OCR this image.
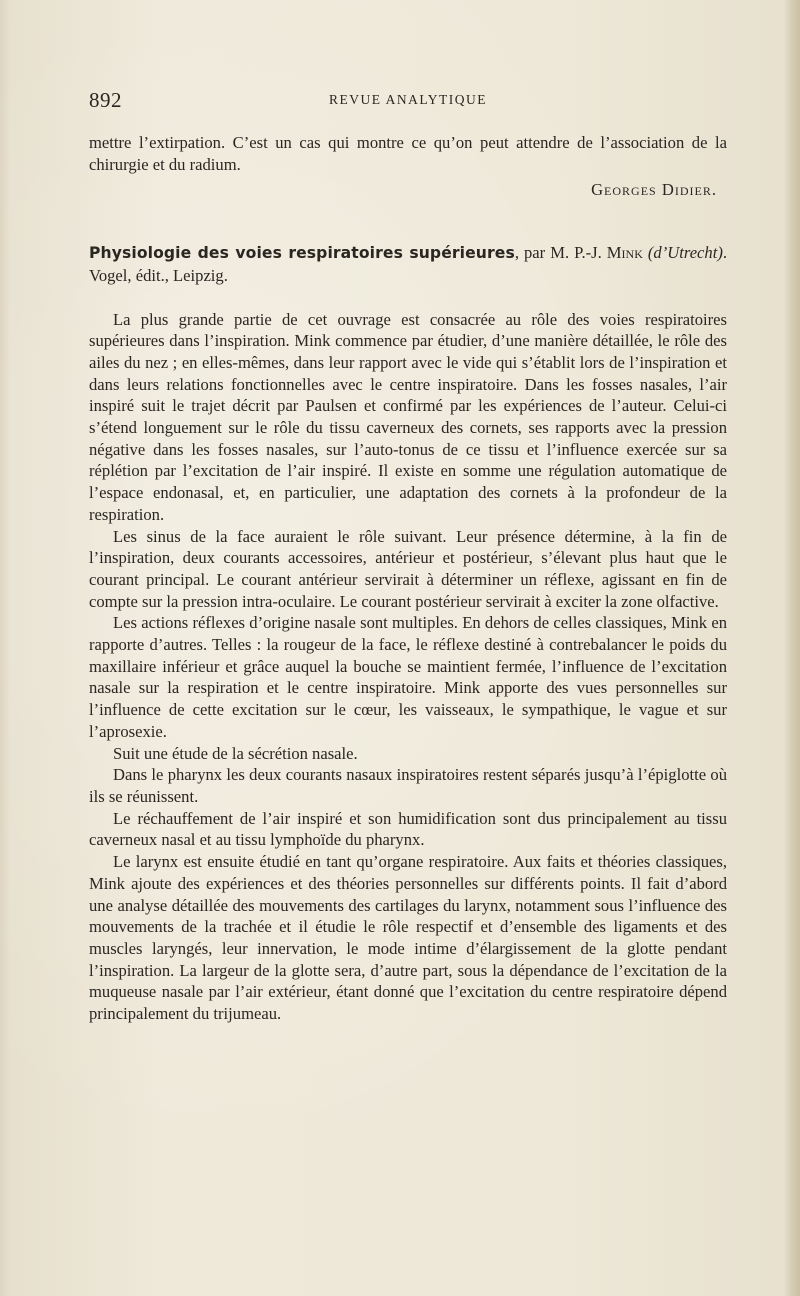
892	REVUE ANALYTIQUE

mettre l’extirpation. C’est un cas qui montre ce qu’on peut attendre de l’association de la chirurgie et du radium.

Georges Didier.

Physiologie des voies respiratoires supérieures, par M. P.-J. Mink (d’Utrecht). Vogel, édit., Leipzig.

La plus grande partie de cet ouvrage est consacrée au rôle des voies respiratoires supérieures dans l’inspiration. Mink commence par étudier, d’une manière détaillée, le rôle des ailes du nez ; en elles-mêmes, dans leur rapport avec le vide qui s’établit lors de l’inspiration et dans leurs relations fonctionnelles avec le centre inspiratoire. Dans les fosses nasales, l’air inspiré suit le trajet décrit par Paulsen et confirmé par les expériences de l’auteur. Celui-ci s’étend longuement sur le rôle du tissu caverneux des cornets, ses rapports avec la pression négative dans les fosses nasales, sur l’auto-tonus de ce tissu et l’influence exercée sur sa réplétion par l’excitation de l’air inspiré. Il existe en somme une régulation automatique de l’espace endonasal, et, en particulier, une adaptation des cornets à la profondeur de la respiration.

Les sinus de la face auraient le rôle suivant. Leur présence détermine, à la fin de l’inspiration, deux courants accessoires, antérieur et postérieur, s’élevant plus haut que le courant principal. Le courant antérieur servirait à déterminer un réflexe, agissant en fin de compte sur la pression intra-oculaire. Le courant postérieur servirait à exciter la zone olfactive.

Les actions réflexes d’origine nasale sont multiples. En dehors de celles classiques, Mink en rapporte d’autres. Telles : la rougeur de la face, le réflexe destiné à contrebalancer le poids du maxillaire inférieur et grâce auquel la bouche se maintient fermée, l’influence de l’excitation nasale sur la respiration et le centre inspiratoire. Mink apporte des vues personnelles sur l’influence de cette excitation sur le cœur, les vaisseaux, le sympathique, le vague et sur l’aprosexie.

Suit une étude de la sécrétion nasale.

Dans le pharynx les deux courants nasaux inspiratoires restent séparés jusqu’à l’épiglotte où ils se réunissent.

Le réchauffement de l’air inspiré et son humidification sont dus principalement au tissu caverneux nasal et au tissu lymphoïde du pharynx.

Le larynx est ensuite étudié en tant qu’organe respiratoire. Aux faits et théories classiques, Mink ajoute des expériences et des théories personnelles sur différents points. Il fait d’abord une analyse détaillée des mouvements des cartilages du larynx, notamment sous l’influence des mouvements de la trachée et il étudie le rôle respectif et d’ensemble des ligaments et des muscles laryngés, leur innervation, le mode intime d’élargissement de la glotte pendant l’inspiration. La largeur de la glotte sera, d’autre part, sous la dépendance de l’excitation de la muqueuse nasale par l’air extérieur, étant donné que l’excitation du centre respiratoire dépend principalement du trijumeau.
